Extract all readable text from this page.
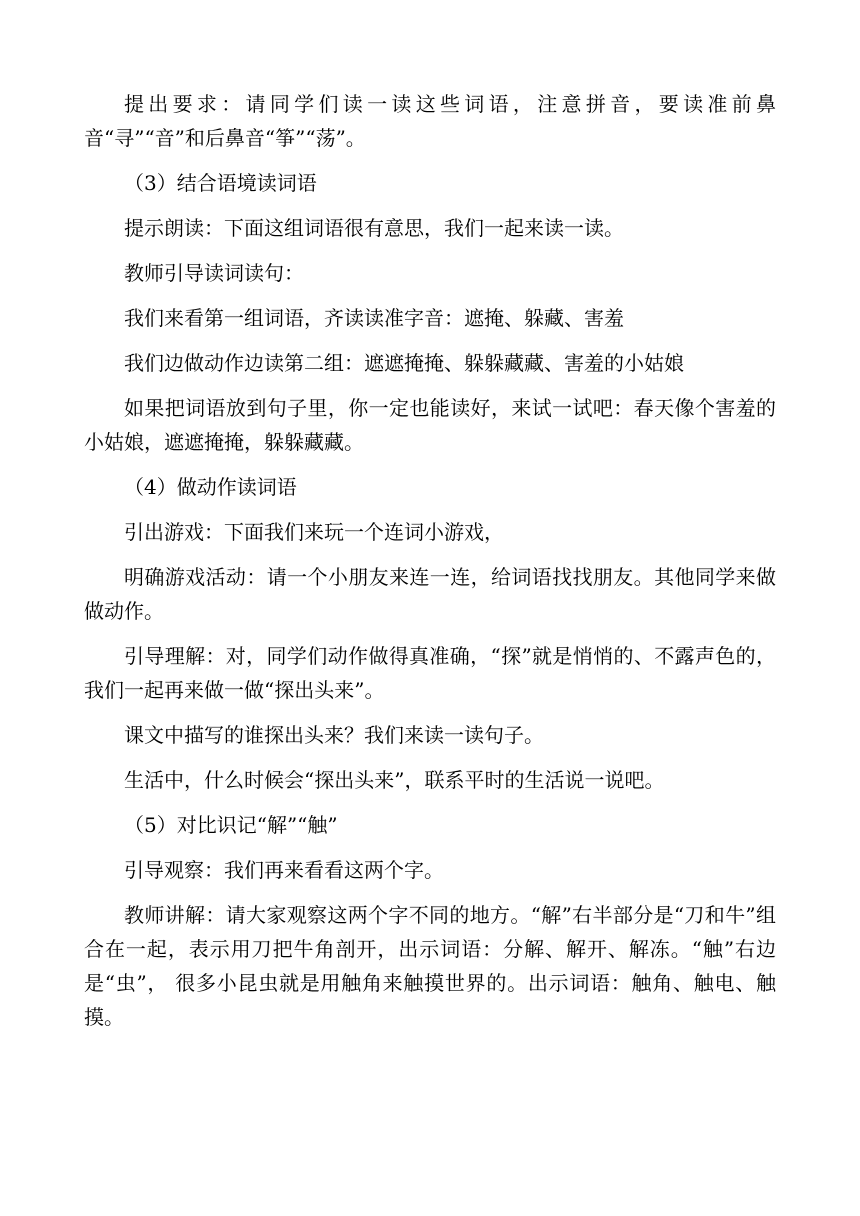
提出要求：请同学们读一读这些词语，注意拼音，要读准前鼻音“寻”“音”和后鼻音“筝”“荡”。

（3）结合语境读词语

提示朗读：下面这组词语很有意思，我们一起来读一读。

教师引导读词读句：

我们来看第一组词语，齐读读准字音：遮掩、躲藏、害羞

我们边做动作边读第二组：遮遮掩掩、躲躲藏藏、害羞的小姑娘

如果把词语放到句子里，你一定也能读好，来试一试吧：春天像个害羞的小姑娘，遮遮掩掩，躲躲藏藏。

（4）做动作读词语

引出游戏：下面我们来玩一个连词小游戏，

明确游戏活动：请一个小朋友来连一连，给词语找找朋友。其他同学来做做动作。

引导理解：对，同学们动作做得真准确，“探”就是悄悄的、不露声色的，我们一起再来做一做“探出头来”。

课文中描写的谁探出头来？我们来读一读句子。

生活中，什么时候会“探出头来”，联系平时的生活说一说吧。

（5）对比识记“解”“触”

引导观察：我们再来看看这两个字。

教师讲解：请大家观察这两个字不同的地方。“解”右半部分是“刀和牛”组合在一起，表示用刀把牛角剖开，出示词语：分解、解开、解冻。“触”右边是“虫”， 很多小昆虫就是用触角来触摸世界的。出示词语：触角、触电、触摸。
